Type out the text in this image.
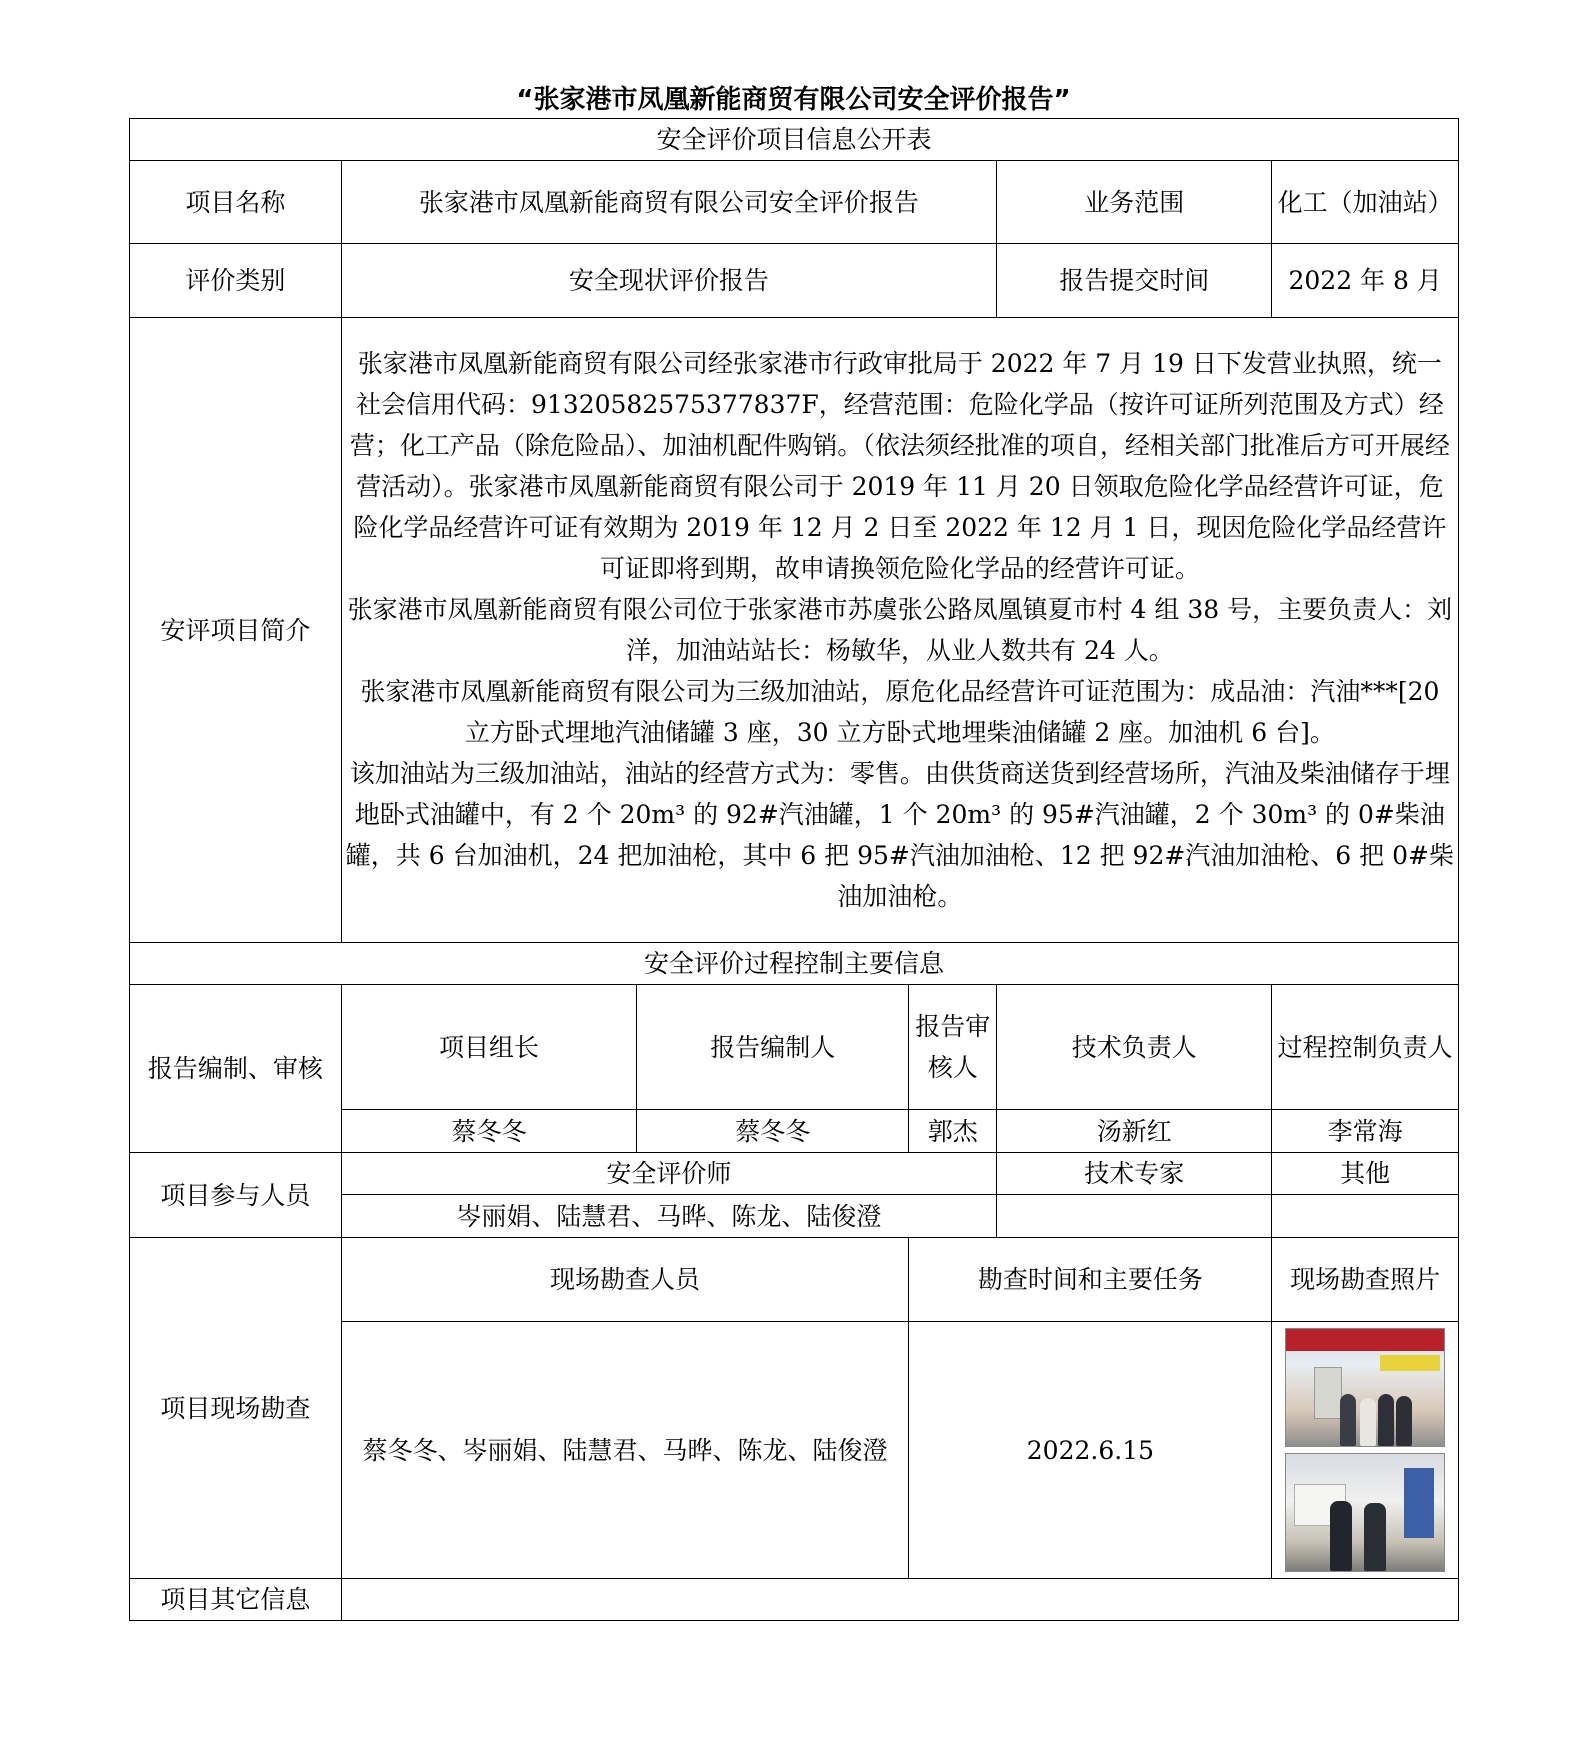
“张家港市凤凰新能商贸有限公司安全评价报告”
安全评价项目信息公开表					
项目名称	张家港市凤凰新能商贸有限公司安全评价报告			业务范围	化工（加油站）
评价类别	安全现状评价报告			报告提交时间	2022 年 8 月
安评项目简介	张家港市凤凰新能商贸有限公司经张家港市行政审批局于 2022 年 7 月 19 日下发营业执照，统一社会信用代码：91320582575377837F，经营范围：危险化学品（按许可证所列范围及方式）经营；化工产品（除危险品）、加油机配件购销。（依法须经批准的项自，经相关部门批准后方可开展经营活动）。张家港市凤凰新能商贸有限公司于 2019 年 11 月 20 日领取危险化学品经营许可证，危险化学品经营许可证有效期为 2019 年 12 月 2 日至 2022 年 12 月 1 日，现因危险化学品经营许可证即将到期，故申请换领危险化学品的经营许可证。

张家港市凤凰新能商贸有限公司位于张家港市苏虞张公路凤凰镇夏市村 4 组 38 号，主要负责人：刘洋，加油站站长：杨敏华，从业人数共有 24 人。

张家港市凤凰新能商贸有限公司为三级加油站，原危化品经营许可证范围为：成品油：汽油***[20 立方卧式埋地汽油储罐 3 座，30 立方卧式地埋柴油储罐 2 座。加油机 6 台]。

该加油站为三级加油站，油站的经营方式为：零售。由供货商送货到经营场所，汽油及柴油储存于埋地卧式油罐中，有 2 个 20m³ 的 92#汽油罐，1 个 20m³ 的 95#汽油罐，2 个 30m³ 的 0#柴油罐，共 6 台加油机，24 把加油枪，其中 6 把 95#汽油加油枪、12 把 92#汽油加油枪、6 把 0#柴油加油枪。				

安全评价过程控制主要信息					
报告编制、审核	项目组长	报告编制人	报告审核人	技术负责人	过程控制负责人
	蔡冬冬	蔡冬冬	郭杰	汤新红	李常海
项目参与人员	安全评价师			技术专家	其他
	岑丽娟、陆慧君、马晔、陈龙、陆俊澄				
项目现场勘查	现场勘查人员		勘查时间和主要任务		现场勘查照片
	蔡冬冬、岑丽娟、陆慧君、马晔、陈龙、陆俊澄		2022.6.15		

项目其它信息					
